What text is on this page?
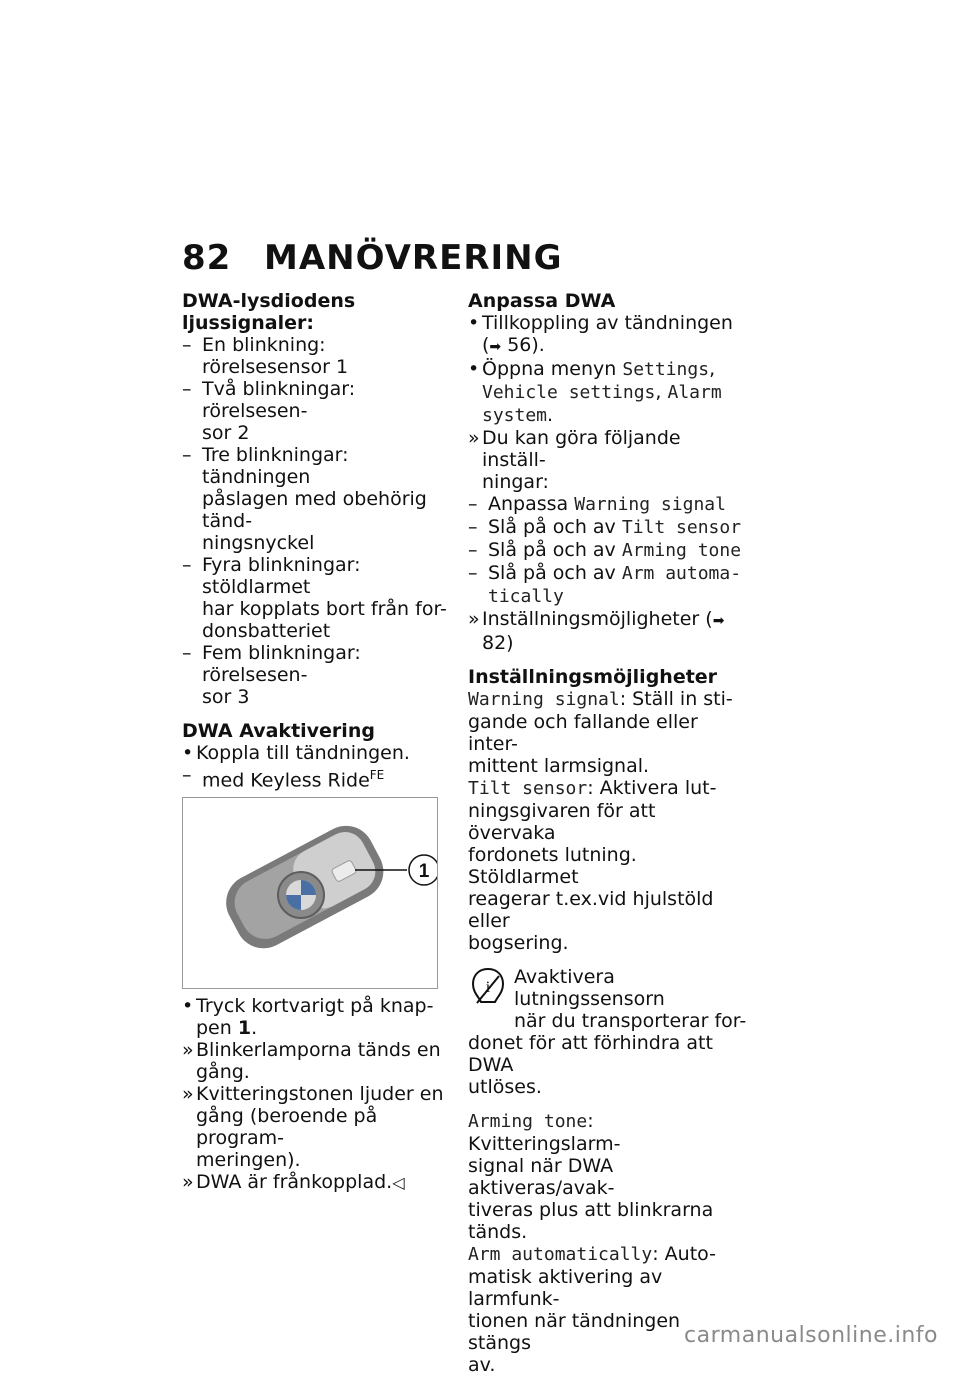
82 MANÖVRERING
DWA-lysdiodens ljussignaler:
– En blinkning: rörelsesensor 1
– Två blinkningar: rörelsesen-
sor 2
– Tre blinkningar: tändningen
påslagen med obehörig tänd-
ningsnyckel
– Fyra blinkningar: stöldlarmet
har kopplats bort från for-
donsbatteriet
– Fem blinkningar: rörelsesen-
sor 3
DWA Avaktivering
• Koppla till tändningen.
– med Keyless Ride$^{FE}$
1
• Tryck kortvarigt på knap-
pen 1.
» Blinkerlamporna tänds en
gång.
» Kvitteringstonen ljuder en
gång (beroende på program-
meringen).
» DWA är frånkopplad.◁
Anpassa DWA
• Tillkoppling av tändningen
(➡ 56).
• Öppna menyn Settings,
Vehicle settings, Alarm
system.
» Du kan göra följande inställ-
ningar:
– Anpassa Warning signal
– Slå på och av Tilt sensor
– Slå på och av Arming tone
– Slå på och av Arm automa-
tically
» Inställningsmöjligheter (➡ 82)
Inställningsmöjligheter
Warning signal: Ställ in sti-
gande och fallande eller inter-
mittent larmsignal.
Tilt sensor: Aktivera lut-
ningsgivaren för att övervaka
fordonets lutning. Stöldlarmet
reagerar t.ex.vid hjulstöld eller
bogsering.
i Avaktivera lutningssensorn
när du transporterar for-
donet för att förhindra att DWA
utlöses.
Arming tone: Kvitteringslarm-
signal när DWA aktiveras/avak-
tiveras plus att blinkrarna tänds.
Arm automatically: Auto-
matisk aktivering av larmfunk-
tionen när tändningen stängs
av.
carmanualsonline.info
